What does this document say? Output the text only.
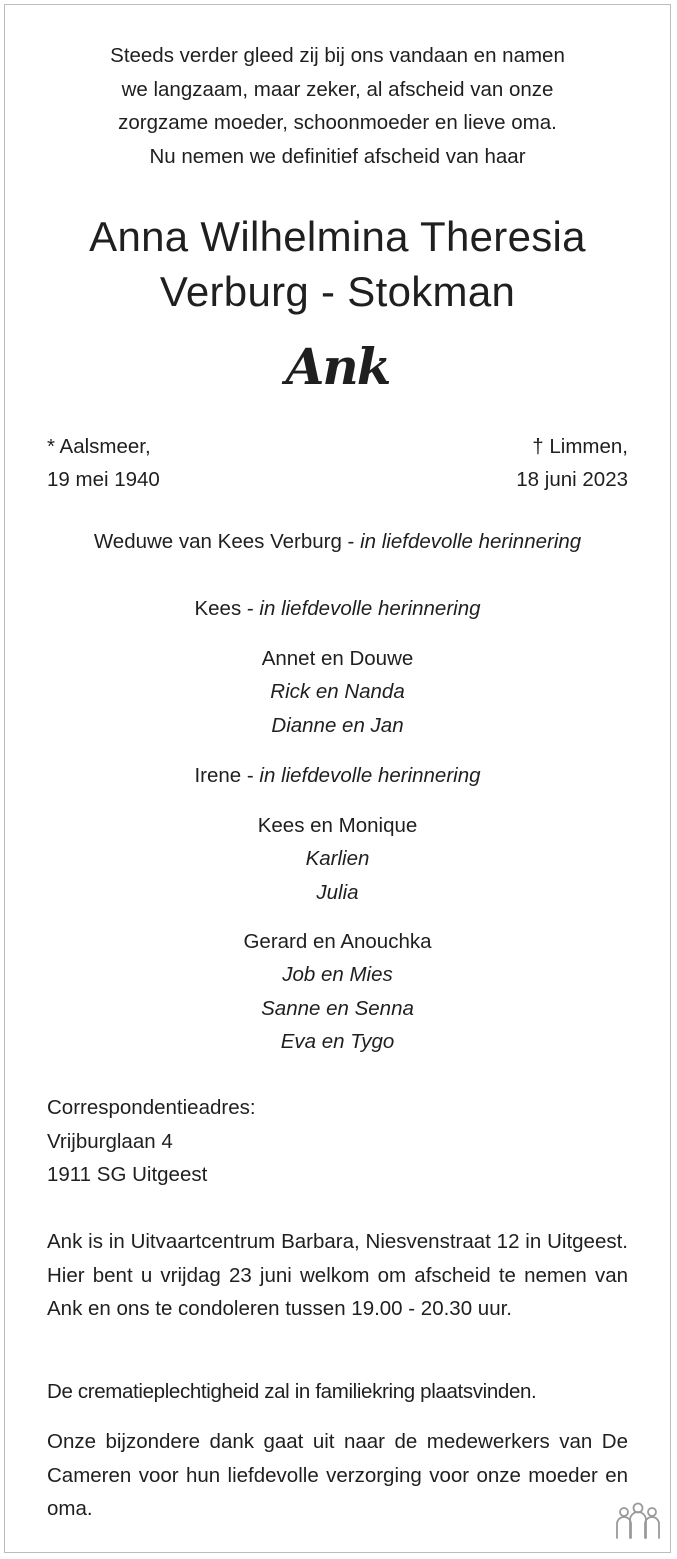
Steeds verder gleed zij bij ons vandaan en namen
we langzaam, maar zeker, al afscheid van onze
zorgzame moeder, schoonmoeder en lieve oma.
Nu nemen we definitief afscheid van haar
Anna Wilhelmina Theresia
Verburg - Stokman
Ank
* Aalsmeer,
19 mei 1940
† Limmen,
18 juni 2023
Weduwe van Kees Verburg - in liefdevolle herinnering
Kees - in liefdevolle herinnering
Annet en Douwe
Rick en Nanda
Dianne en Jan
Irene - in liefdevolle herinnering
Kees en Monique
Karlien
Julia
Gerard en Anouchka
Job en Mies
Sanne en Senna
Eva en Tygo
Correspondentieadres:
Vrijburglaan 4
1911 SG Uitgeest
Ank is in Uitvaartcentrum Barbara, Niesvenstraat 12 in Uitgeest. Hier bent u vrijdag 23 juni welkom om afscheid te nemen van Ank en ons te condoleren tussen 19.00 - 20.30 uur.
De crematieplechtigheid zal in familiekring plaatsvinden.
Onze bijzondere dank gaat uit naar de medewerkers van De Cameren voor hun liefdevolle verzorging voor onze moeder en oma.
